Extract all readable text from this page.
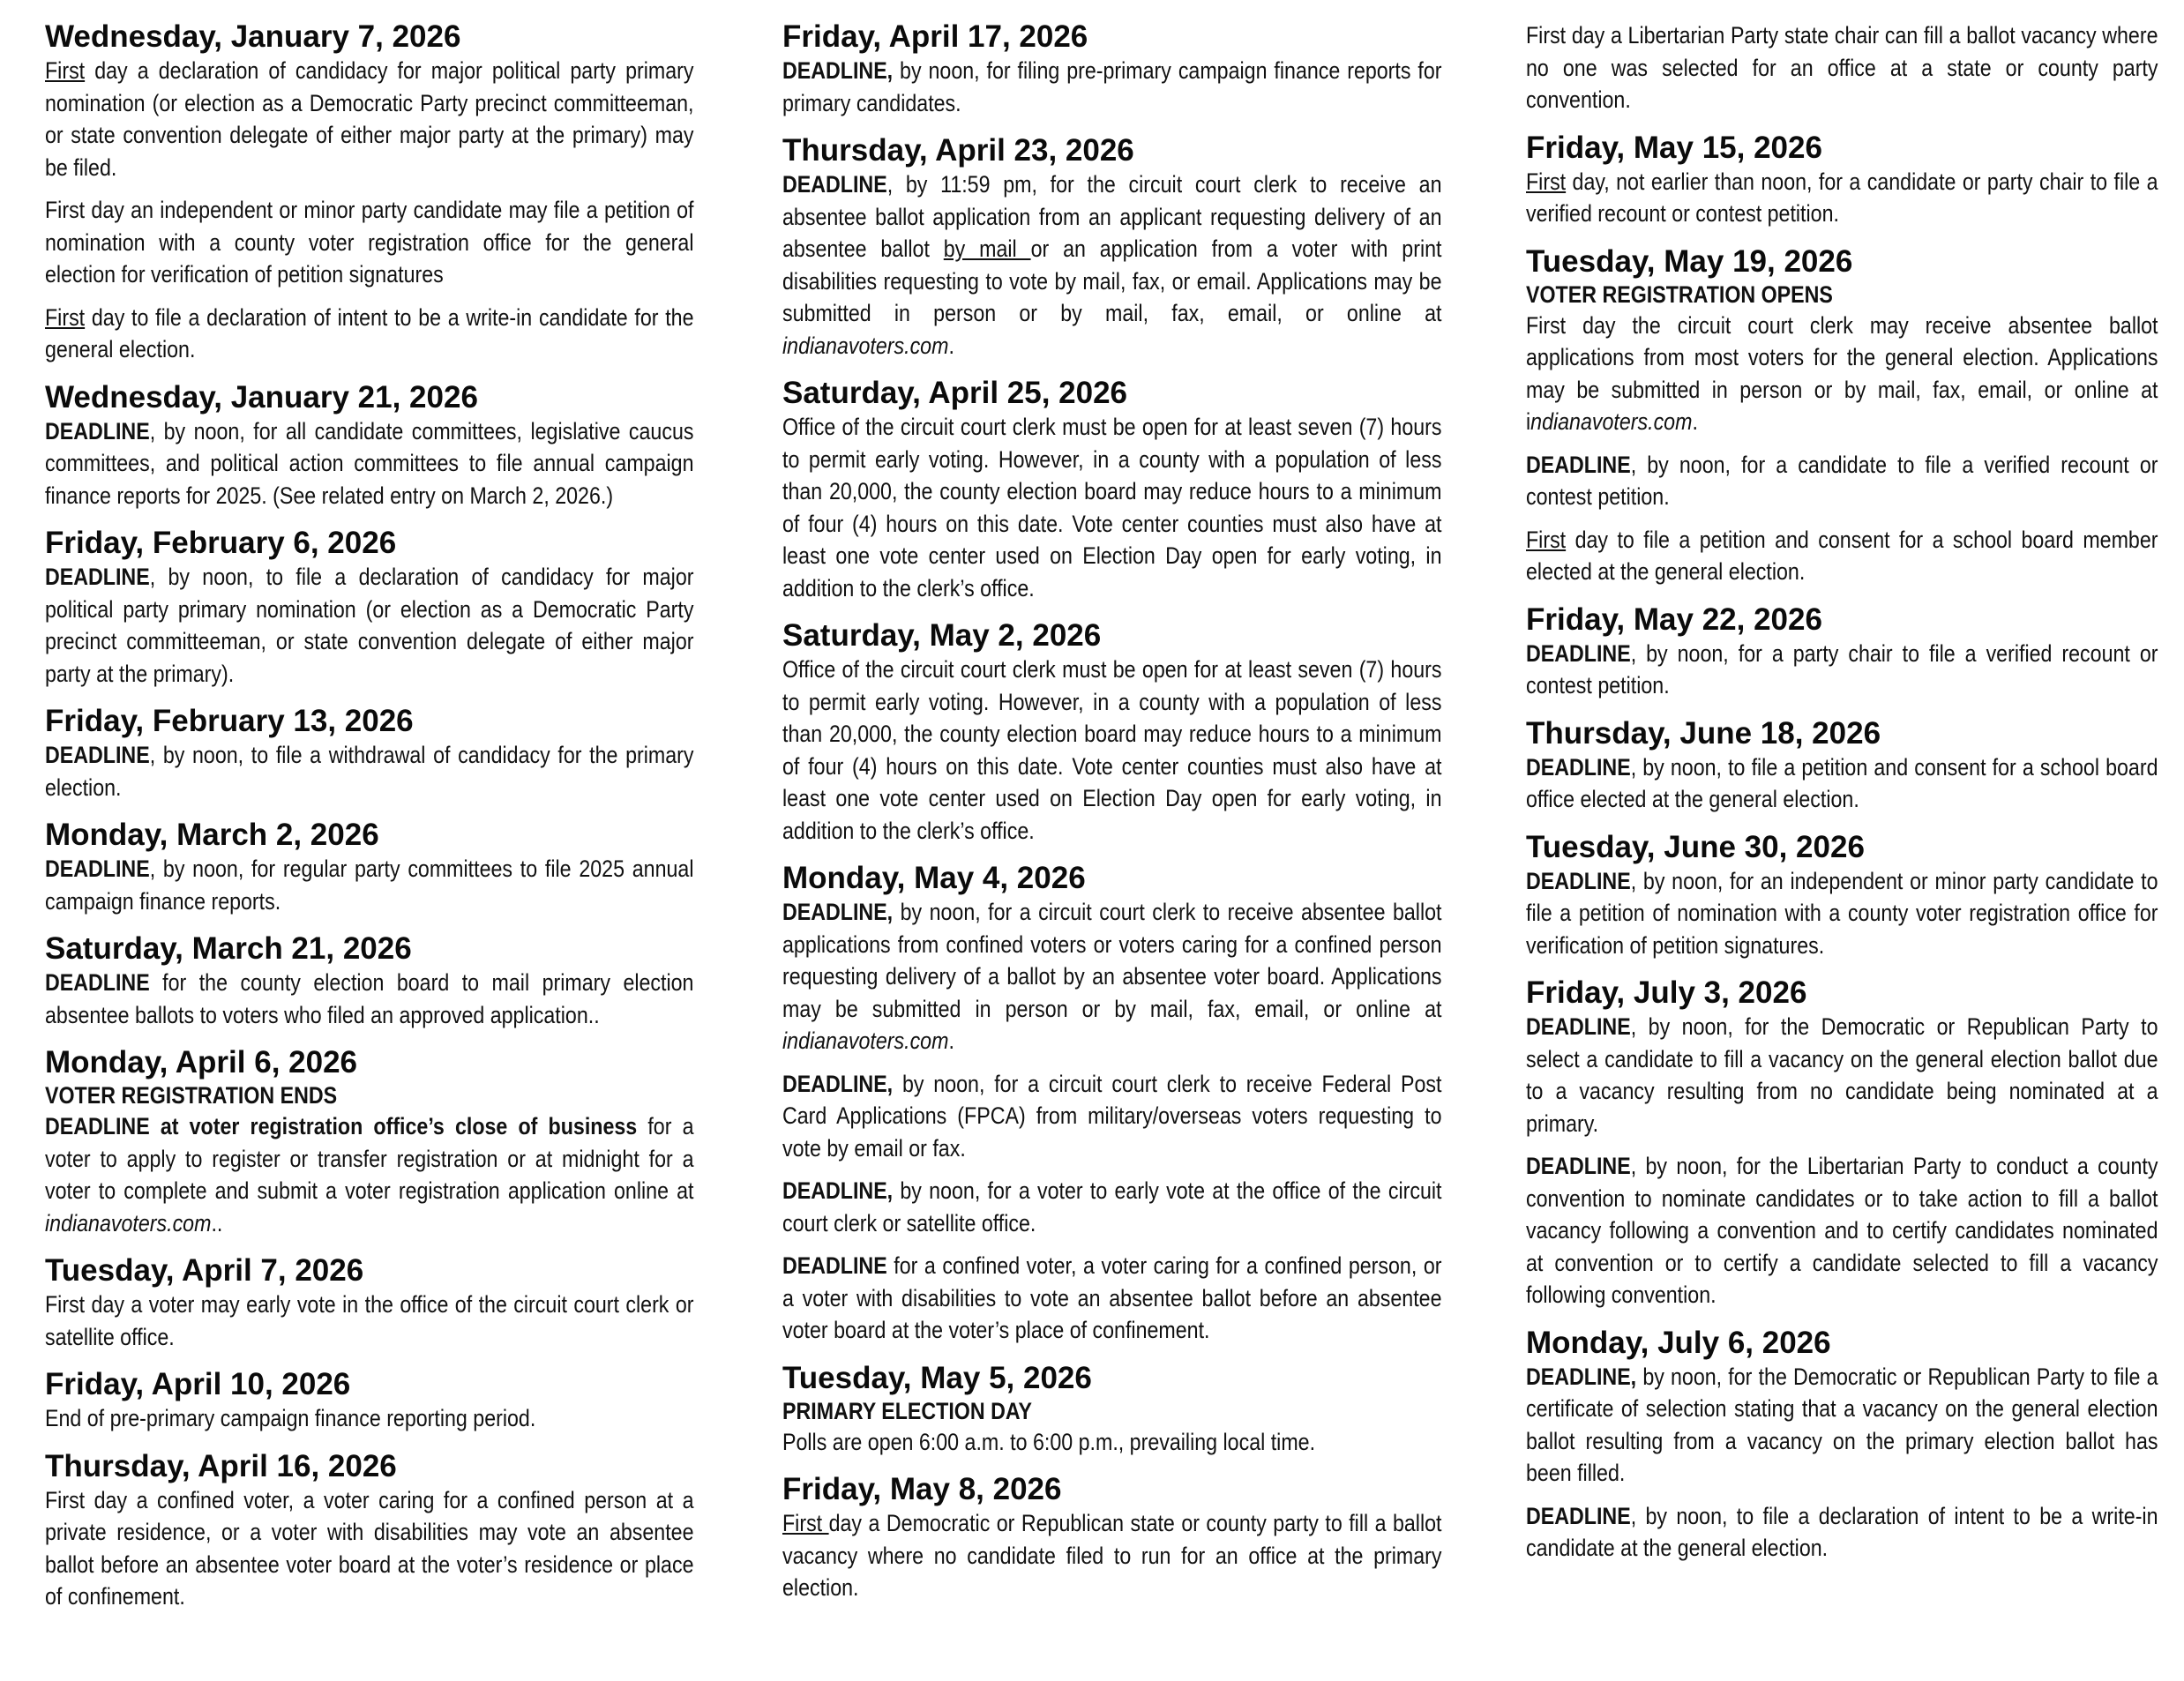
Wednesday, January 7, 2026
First day a declaration of candidacy for major political party primary nomination (or election as a Democratic Party precinct committeeman, or state convention delegate of either major party at the primary) may be filed.
First day an independent or minor party candidate may file a petition of nomination with a county voter registration office for the general election for verification of petition signatures
First day to file a declaration of intent to be a write-in candidate for the general election.
Wednesday, January 21, 2026
DEADLINE, by noon, for all candidate committees, legislative caucus committees, and political action committees to file annual campaign finance reports for 2025. (See related entry on March 2, 2026.)
Friday, February 6, 2026
DEADLINE, by noon, to file a declaration of candidacy for major political party primary nomination (or election as a Democratic Party precinct committeeman, or state convention delegate of either major party at the primary).
Friday, February 13, 2026
DEADLINE, by noon, to file a withdrawal of candidacy for the primary election.
Monday, March 2, 2026
DEADLINE, by noon, for regular party committees to file 2025 annual campaign finance reports.
Saturday, March 21, 2026
DEADLINE for the county election board to mail primary election absentee ballots to voters who filed an approved application..
Monday, April 6, 2026
VOTER REGISTRATION ENDS
DEADLINE at voter registration office’s close of business for a voter to apply to register or transfer registration or at midnight for a voter to complete and submit a voter registration application online at indianavoters.com..
Tuesday, April 7, 2026
First day a voter may early vote in the office of the circuit court clerk or satellite office.
Friday, April 10, 2026
End of pre-primary campaign finance reporting period.
Thursday, April 16, 2026
First day a confined voter, a voter caring for a confined person at a private residence, or a voter with disabilities may vote an absentee ballot before an absentee voter board at the voter’s residence or place of confinement.
Friday, April 17, 2026
DEADLINE, by noon, for filing pre-primary campaign finance reports for primary candidates.
Thursday, April 23, 2026
DEADLINE, by 11:59 pm, for the circuit court clerk to receive an absentee ballot application from an applicant requesting delivery of an absentee ballot by mail or an application from a voter with print disabilities requesting to vote by mail, fax, or email. Applications may be submitted in person or by mail, fax, email, or online at indianavoters.com.
Saturday, April 25, 2026
Office of the circuit court clerk must be open for at least seven (7) hours to permit early voting. However, in a county with a population of less than 20,000, the county election board may reduce hours to a minimum of four (4) hours on this date. Vote center counties must also have at least one vote center used on Election Day open for early voting, in addition to the clerk’s office.
Saturday, May 2, 2026
Office of the circuit court clerk must be open for at least seven (7) hours to permit early voting. However, in a county with a population of less than 20,000, the county election board may reduce hours to a minimum of four (4) hours on this date. Vote center counties must also have at least one vote center used on Election Day open for early voting, in addition to the clerk’s office.
Monday, May 4, 2026
DEADLINE, by noon, for a circuit court clerk to receive absentee ballot applications from confined voters or voters caring for a confined person requesting delivery of a ballot by an absentee voter board. Applications may be submitted in person or by mail, fax, email, or online at indianavoters.com.
DEADLINE, by noon, for a circuit court clerk to receive Federal Post Card Applications (FPCA) from military/overseas voters requesting to vote by email or fax.
DEADLINE, by noon, for a voter to early vote at the office of the circuit court clerk or satellite office.
DEADLINE for a confined voter, a voter caring for a confined person, or a voter with disabilities to vote an absentee ballot before an absentee voter board at the voter’s place of confinement.
Tuesday, May 5, 2026
PRIMARY ELECTION DAY
Polls are open 6:00 a.m. to 6:00 p.m., prevailing local time.
Friday, May 8, 2026
First day a Democratic or Republican state or county party to fill a ballot vacancy where no candidate filed to run for an office at the primary election.
First day a Libertarian Party state chair can fill a ballot vacancy where no one was selected for an office at a state or county party convention.
Friday, May 15, 2026
First day, not earlier than noon, for a candidate or party chair to file a verified recount or contest petition.
Tuesday, May 19, 2026
VOTER REGISTRATION OPENS
First day the circuit court clerk may receive absentee ballot applications from most voters for the general election. Applications may be submitted in person or by mail, fax, email, or online at indianavoters.com.
DEADLINE, by noon, for a candidate to file a verified recount or contest petition.
First day to file a petition and consent for a school board member elected at the general election.
Friday, May 22, 2026
DEADLINE, by noon, for a party chair to file a verified recount or contest petition.
Thursday, June 18, 2026
DEADLINE, by noon, to file a petition and consent for a school board office elected at the general election.
Tuesday, June 30, 2026
DEADLINE, by noon, for an independent or minor party candidate to file a petition of nomination with a county voter registration office for verification of petition signatures.
Friday, July 3, 2026
DEADLINE, by noon, for the Democratic or Republican Party to select a candidate to fill a vacancy on the general election ballot due to a vacancy resulting from no candidate being nominated at a primary.
DEADLINE, by noon, for the Libertarian Party to conduct a county convention to nominate candidates or to take action to fill a ballot vacancy following a convention and to certify candidates nominated at convention or to certify a candidate selected to fill a vacancy following convention.
Monday, July 6, 2026
DEADLINE, by noon, for the Democratic or Republican Party to file a certificate of selection stating that a vacancy on the general election ballot resulting from a vacancy on the primary election ballot has been filled.
DEADLINE, by noon, to file a declaration of intent to be a write-in candidate at the general election.
